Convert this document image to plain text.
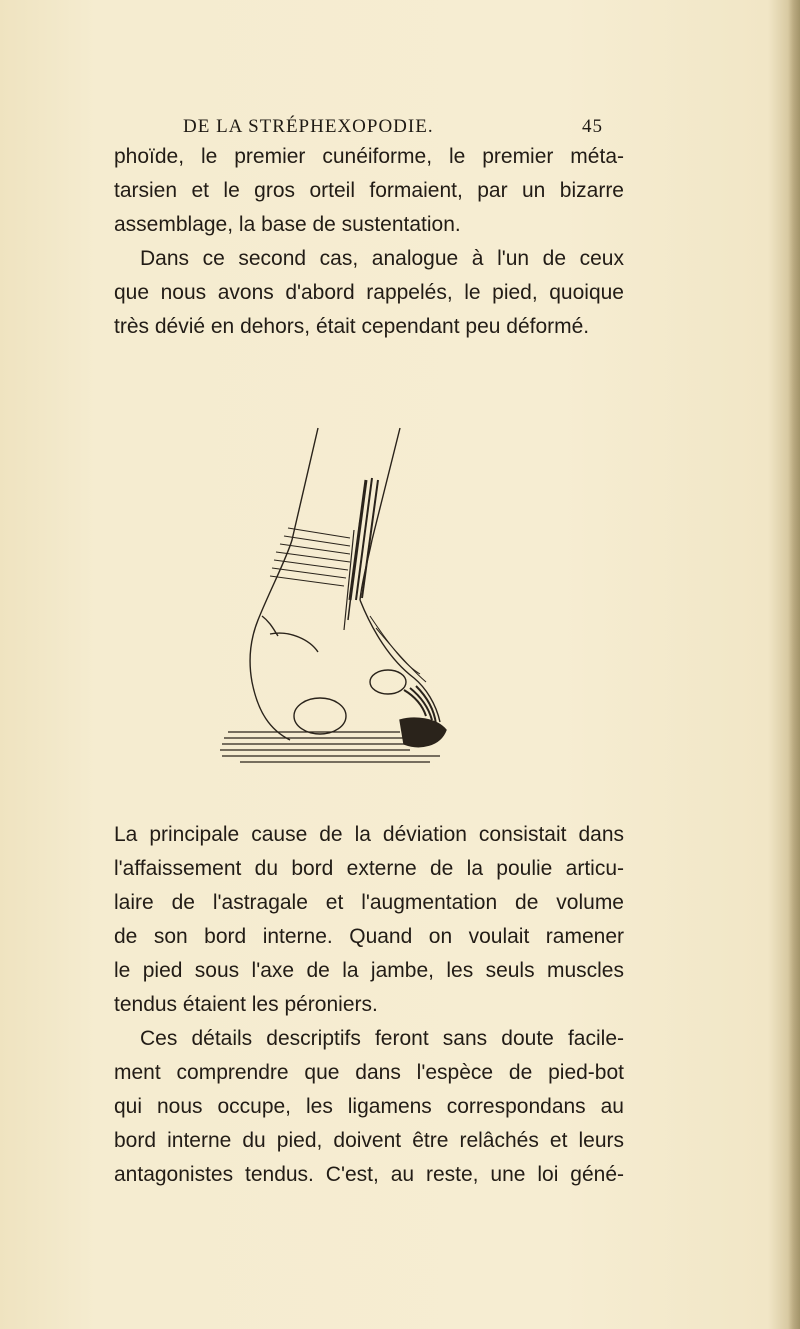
DE LA STRÉPHEXOPODIE.	45
phoïde, le premier cunéiforme, le premier méta-
tarsien et le gros orteil formaient, par un bizarre
assemblage, la base de sustentation.
Dans ce second cas, analogue à l'un de ceux
que nous avons d'abord rappelés, le pied, quoique
très dévié en dehors, était cependant peu déformé.
La principale cause de la déviation consistait dans
l'affaissement du bord externe de la poulie articu-
laire de l'astragale et l'augmentation de volume
de son bord interne. Quand on voulait ramener
le pied sous l'axe de la jambe, les seuls muscles
tendus étaient les péroniers.
Ces détails descriptifs feront sans doute facile-
ment comprendre que dans l'espèce de pied-bot
qui nous occupe, les ligamens correspondans au
bord interne du pied, doivent être relâchés et leurs
antagonistes tendus. C'est, au reste, une loi géné-
